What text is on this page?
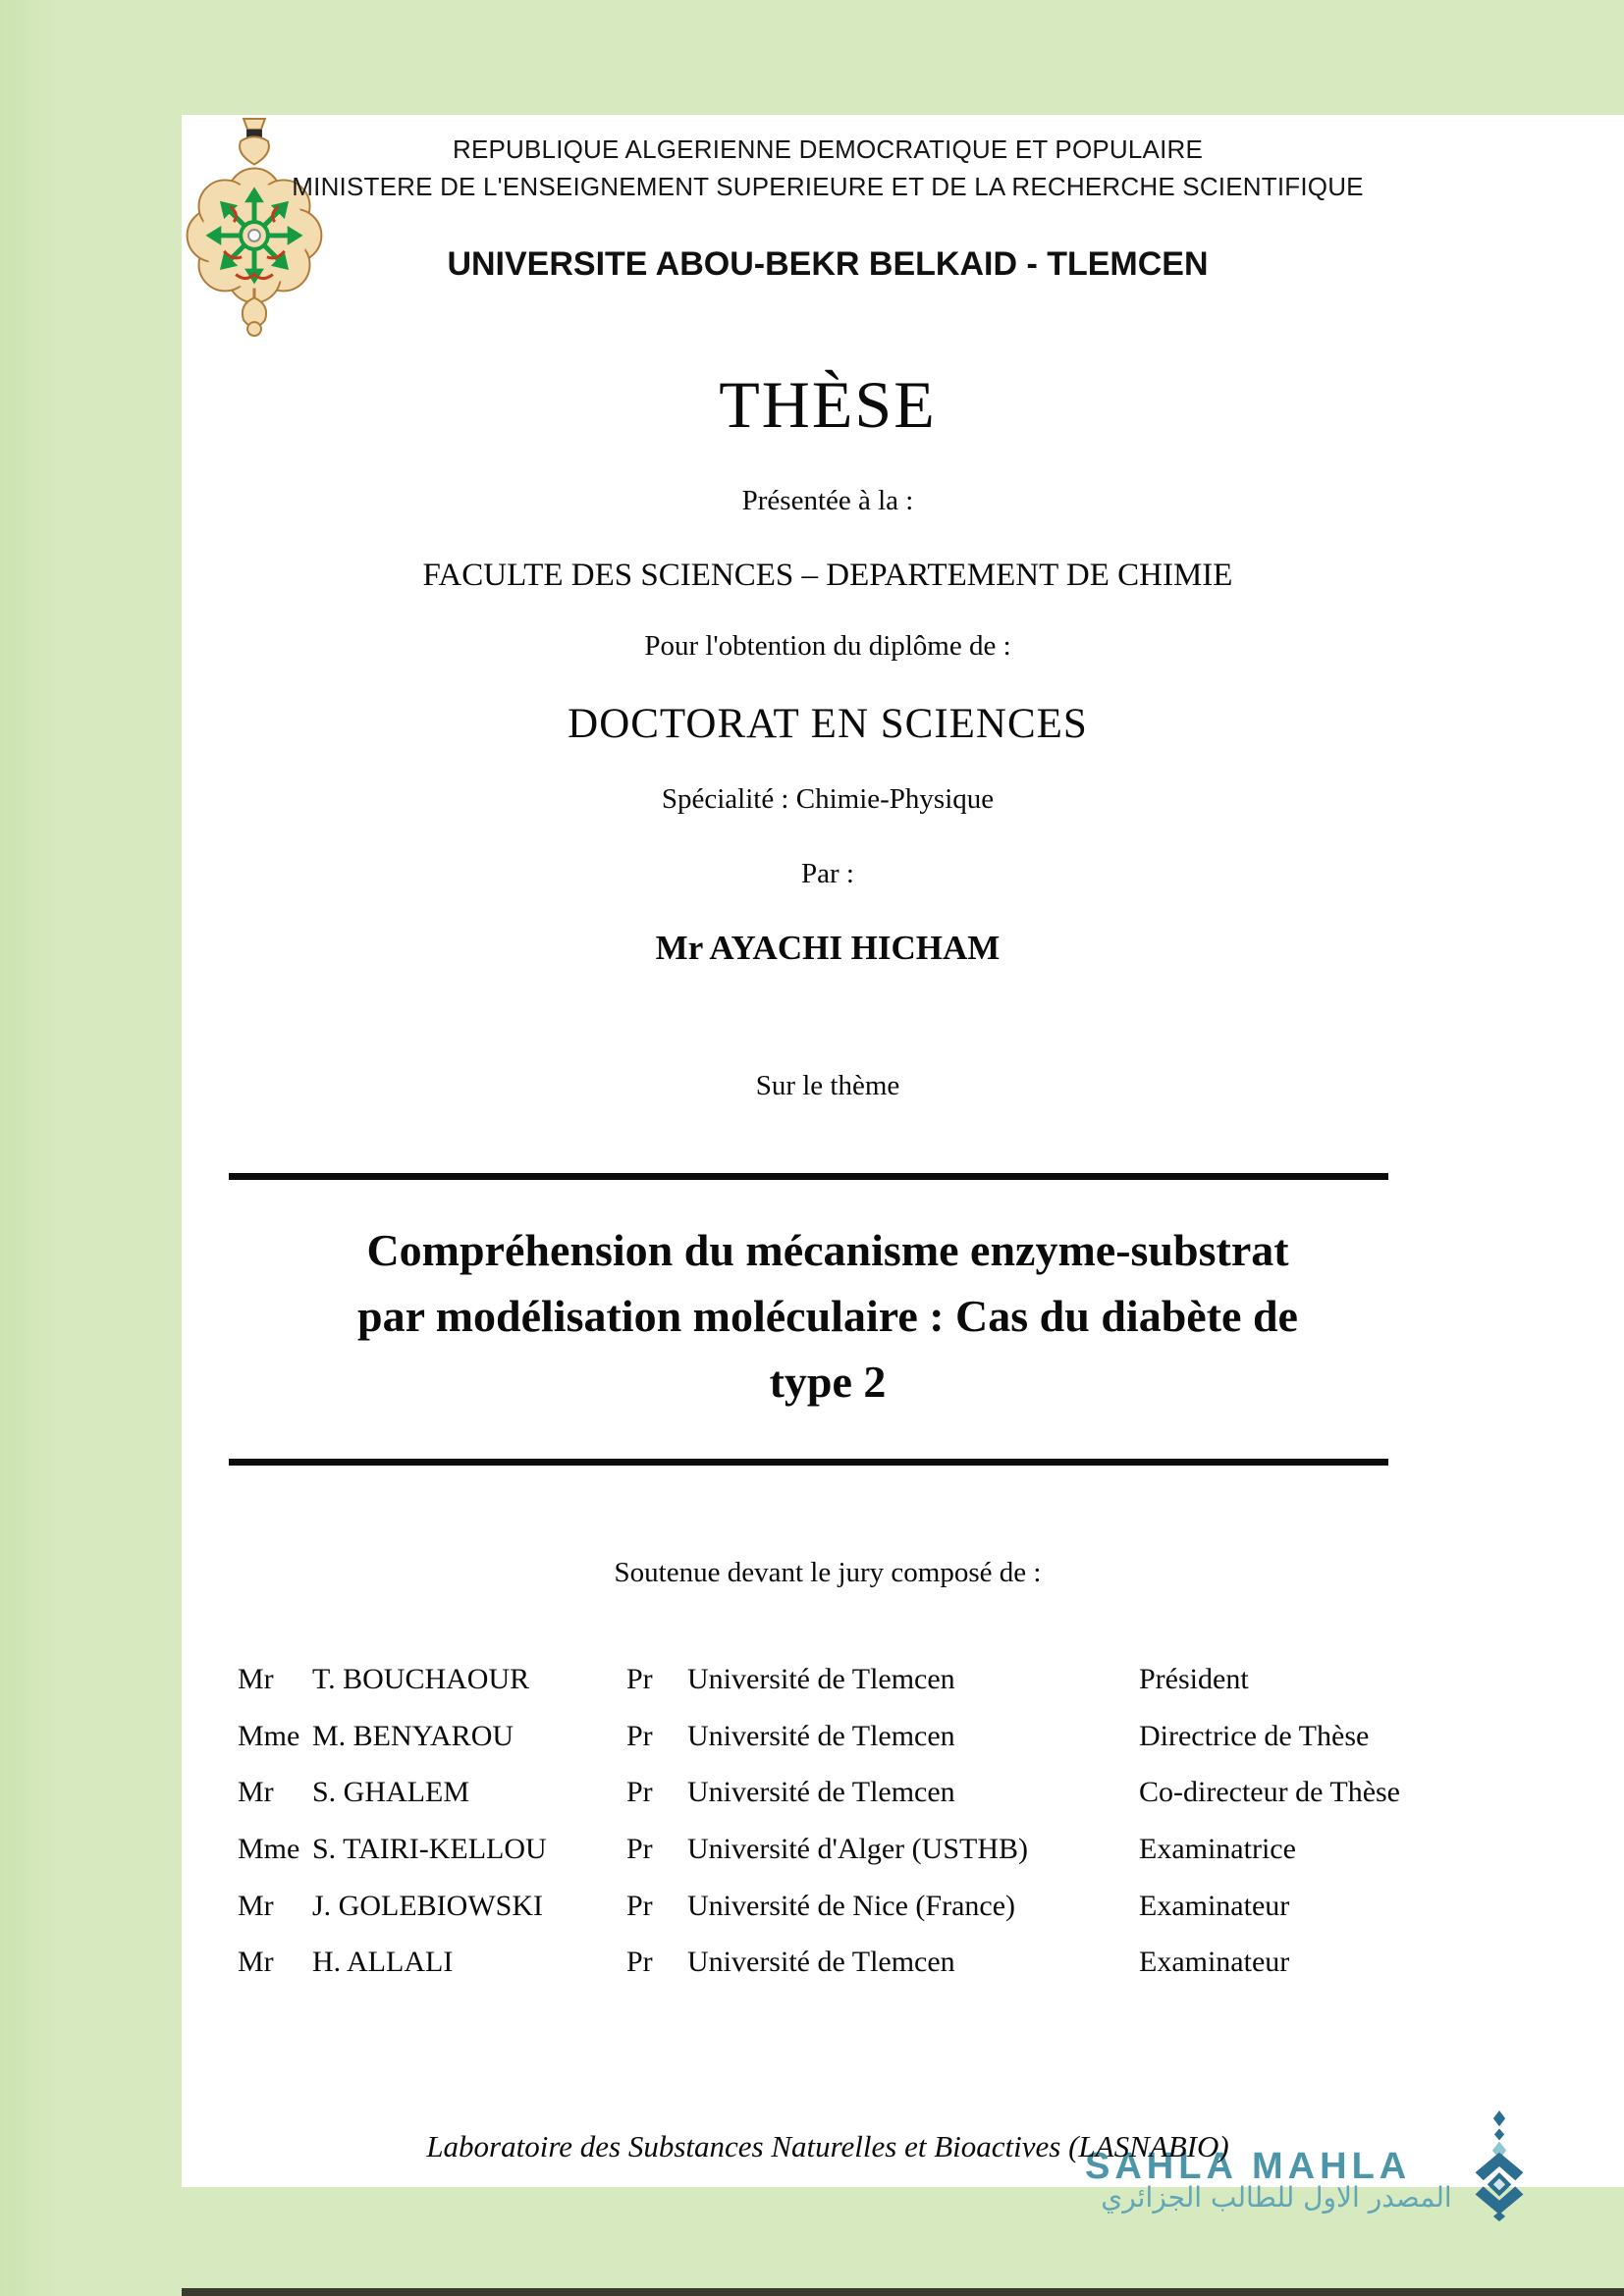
REPUBLIQUE ALGERIENNE DEMOCRATIQUE ET POPULAIRE
MINISTERE DE L'ENSEIGNEMENT SUPERIEURE ET DE LA RECHERCHE SCIENTIFIQUE
UNIVERSITE ABOU-BEKR BELKAID - TLEMCEN
THÈSE
Présentée à la :
FACULTE DES SCIENCES – DEPARTEMENT DE CHIMIE
Pour l'obtention du diplôme de :
DOCTORAT EN SCIENCES
Spécialité : Chimie-Physique
Par :
Mr AYACHI HICHAM
Sur le thème
Compréhension du mécanisme enzyme-substrat
par modélisation moléculaire : Cas du diabète de
type 2
Soutenue devant le jury composé de :
Mr	T. BOUCHAOUR	Pr	Université de Tlemcen	Président
Mme M. BENYAROU	Pr	Université de Tlemcen	Directrice de Thèse
Mr	S. GHALEM	Pr	Université de Tlemcen	Co-directeur de Thèse
Mme S. TAIRI-KELLOU	Pr	Université d'Alger (USTHB)	Examinatrice
Mr	J. GOLEBIOWSKI	Pr	Université de Nice (France)	Examinateur
Mr	H. ALLALI	Pr	Université de Tlemcen	Examinateur
Laboratoire des Substances Naturelles et Bioactives (LASNABIO)
SAHLA MAHLA
المصدر الاول للطالب الجزائري
